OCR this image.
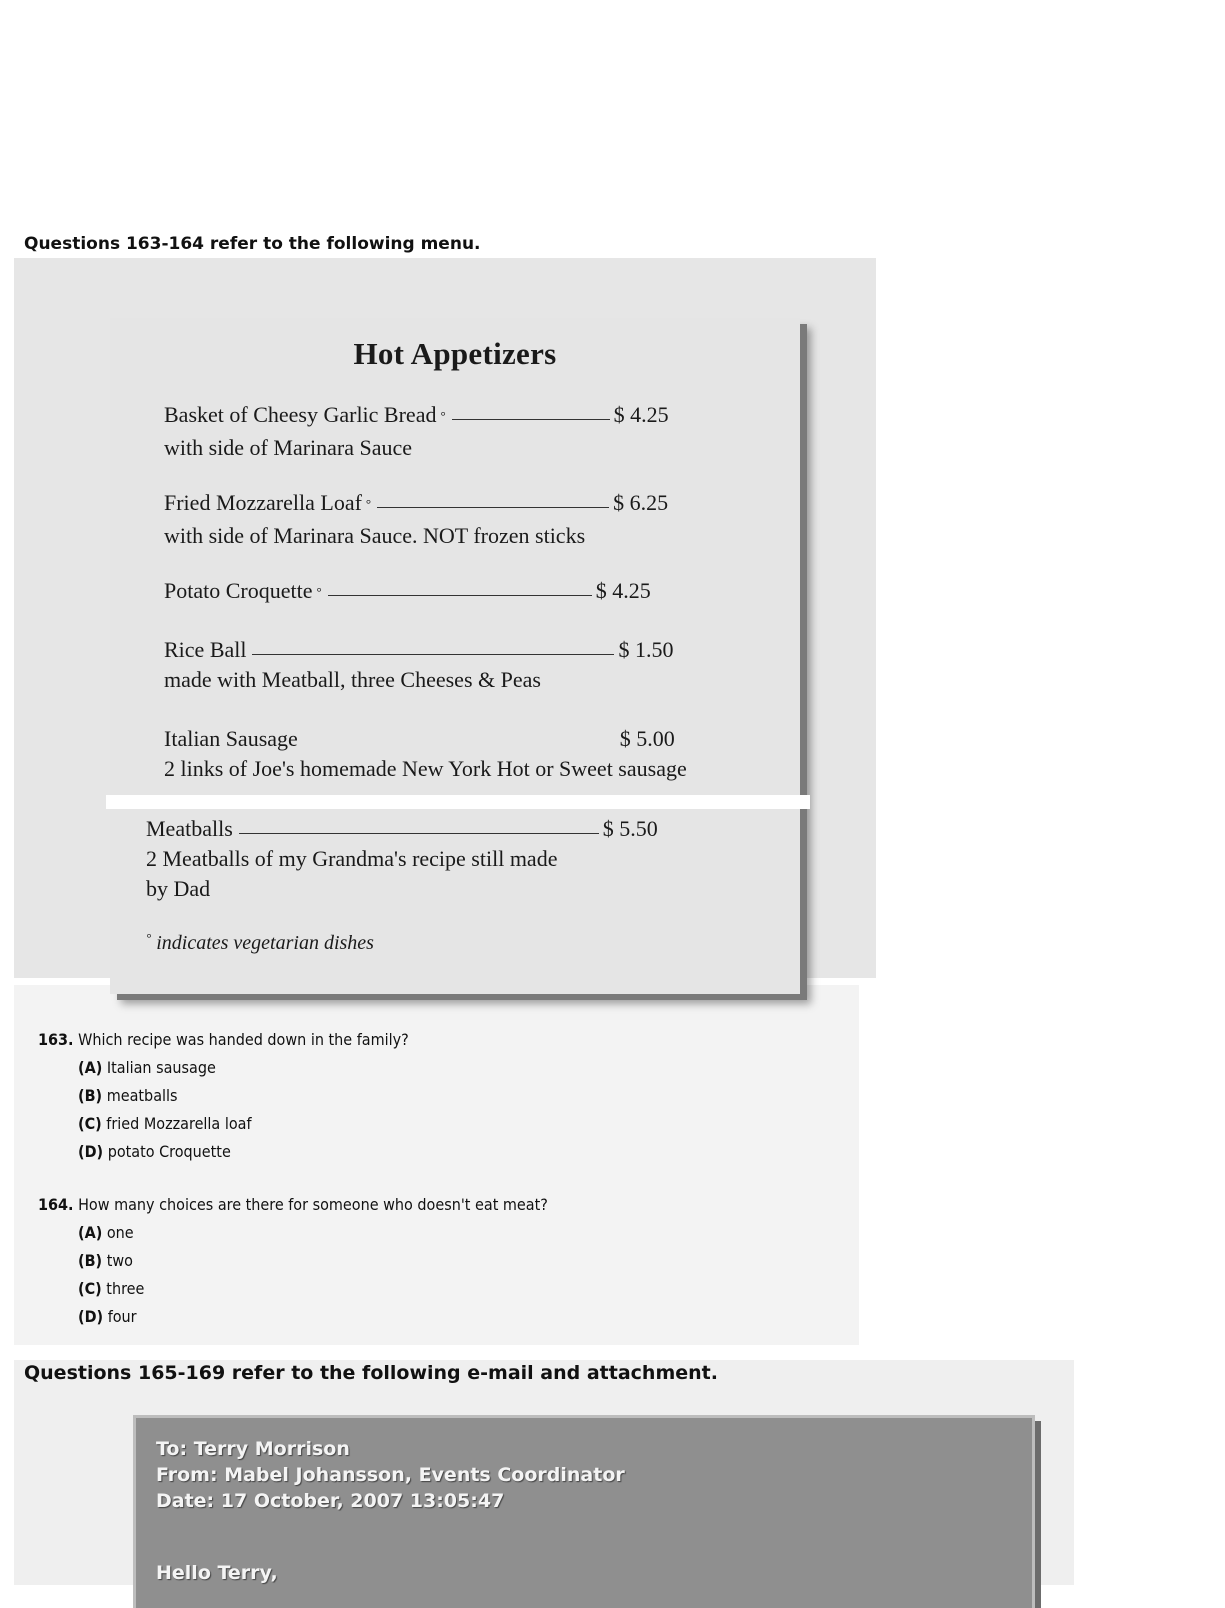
Questions 163-164 refer to the following menu.
Hot Appetizers
Basket of Cheesy Garlic Bread °	$ 4.25
with side of Marinara Sauce
Fried Mozzarella Loaf °	$ 6.25
with side of Marinara Sauce. NOT frozen sticks
Potato Croquette °	$ 4.25
Rice Ball	$ 1.50
made with Meatball, three Cheeses & Peas
Italian Sausage	$ 5.00
2 links of Joe's homemade New York Hot or Sweet sausage
Meatballs	$ 5.50
2 Meatballs of my Grandma's recipe still made
by Dad
° indicates vegetarian dishes
163. Which recipe was handed down in the family?
(A) Italian sausage
(B) meatballs
(C) fried Mozzarella loaf
(D) potato Croquette
164. How many choices are there for someone who doesn't eat meat?
(A) one
(B) two
(C) three
(D) four
Questions 165-169 refer to the following e-mail and attachment.
To: Terry Morrison
From: Mabel Johansson, Events Coordinator
Date: 17 October, 2007 13:05:47
Hello Terry,
